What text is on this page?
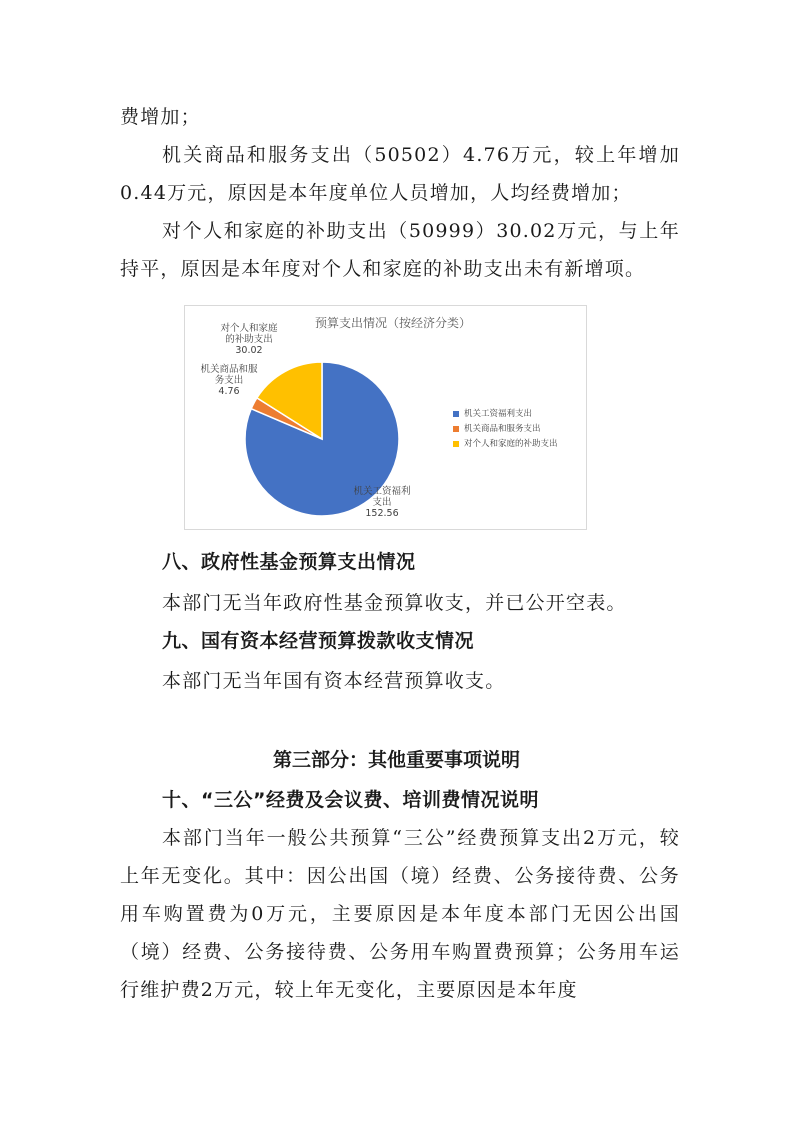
费增加；

机关商品和服务支出（50502）4.76万元，较上年增加0.44万元，原因是本年度单位人员增加，人均经费增加；

对个人和家庭的补助支出（50999）30.02万元，与上年持平，原因是本年度对个人和家庭的补助支出未有新增项。

预算支出情况（按经济分类）
机关工资福利支出 152.56
机关商品和服务支出 4.76
对个人和家庭的补助支出 30.02
机关工资福利支出
机关商品和服务支出
对个人和家庭的补助支出
八、政府性基金预算支出情况

本部门无当年政府性基金预算收支，并已公开空表。

九、国有资本经营预算拨款收支情况

本部门无当年国有资本经营预算收支。

第三部分：其他重要事项说明
十、“三公”经费及会议费、培训费情况说明

本部门当年一般公共预算“三公”经费预算支出2万元，较上年无变化。其中：因公出国（境）经费、公务接待费、公务用车购置费为0万元，主要原因是本年度本部门无因公出国（境）经费、公务接待费、公务用车购置费预算；公务用车运行维护费2万元，较上年无变化，主要原因是本年度
